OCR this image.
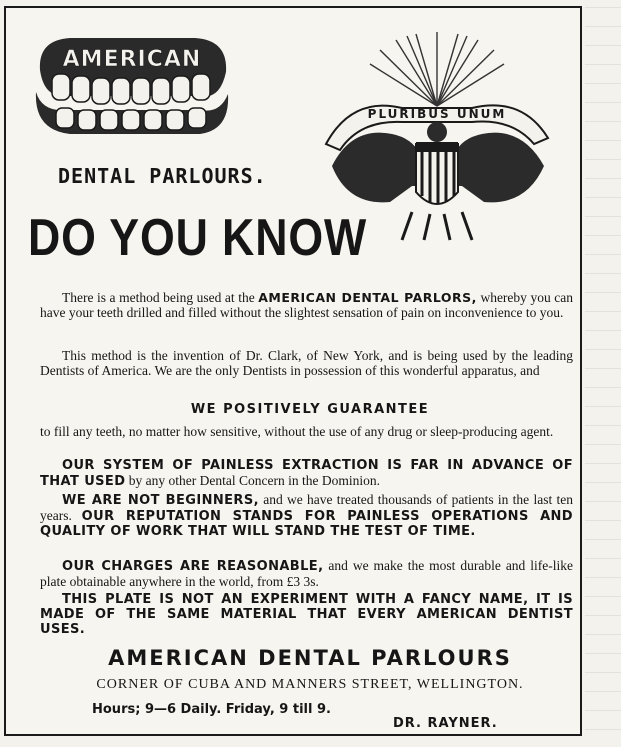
AMERICAN
DENTAL PARLOURS.
PLURIBUS UNUM
DO YOU KNOW
There is a method being used at the AMERICAN DENTAL PARLORS, whereby you can have your teeth drilled and filled without the slightest sensation of pain on inconvenience to you.
This method is the invention of Dr. Clark, of New York, and is being used by the leading Dentists of America. We are the only Dentists in possession of this wonderful apparatus, and
WE POSITIVELY GUARANTEE
to fill any teeth, no matter how sensitive, without the use of any drug or sleep-producing agent.
OUR SYSTEM OF PAINLESS EXTRACTION IS FAR IN ADVANCE OF THAT USED by any other Dental Concern in the Dominion.
WE ARE NOT BEGINNERS, and we have treated thousands of patients in the last ten years. OUR REPUTATION STANDS FOR PAINLESS OPERATIONS AND QUALITY OF WORK THAT WILL STAND THE TEST OF TIME.
OUR CHARGES ARE REASONABLE, and we make the most durable and life-like plate obtainable anywhere in the world, from £3 3s.
THIS PLATE IS NOT AN EXPERIMENT WITH A FANCY NAME, IT IS MADE OF THE SAME MATERIAL THAT EVERY AMERICAN DENTIST USES.
AMERICAN DENTAL PARLOURS
CORNER OF CUBA AND MANNERS STREET, WELLINGTON.
Hours; 9—6 Daily. Friday, 9 till 9.
DR. RAYNER.
